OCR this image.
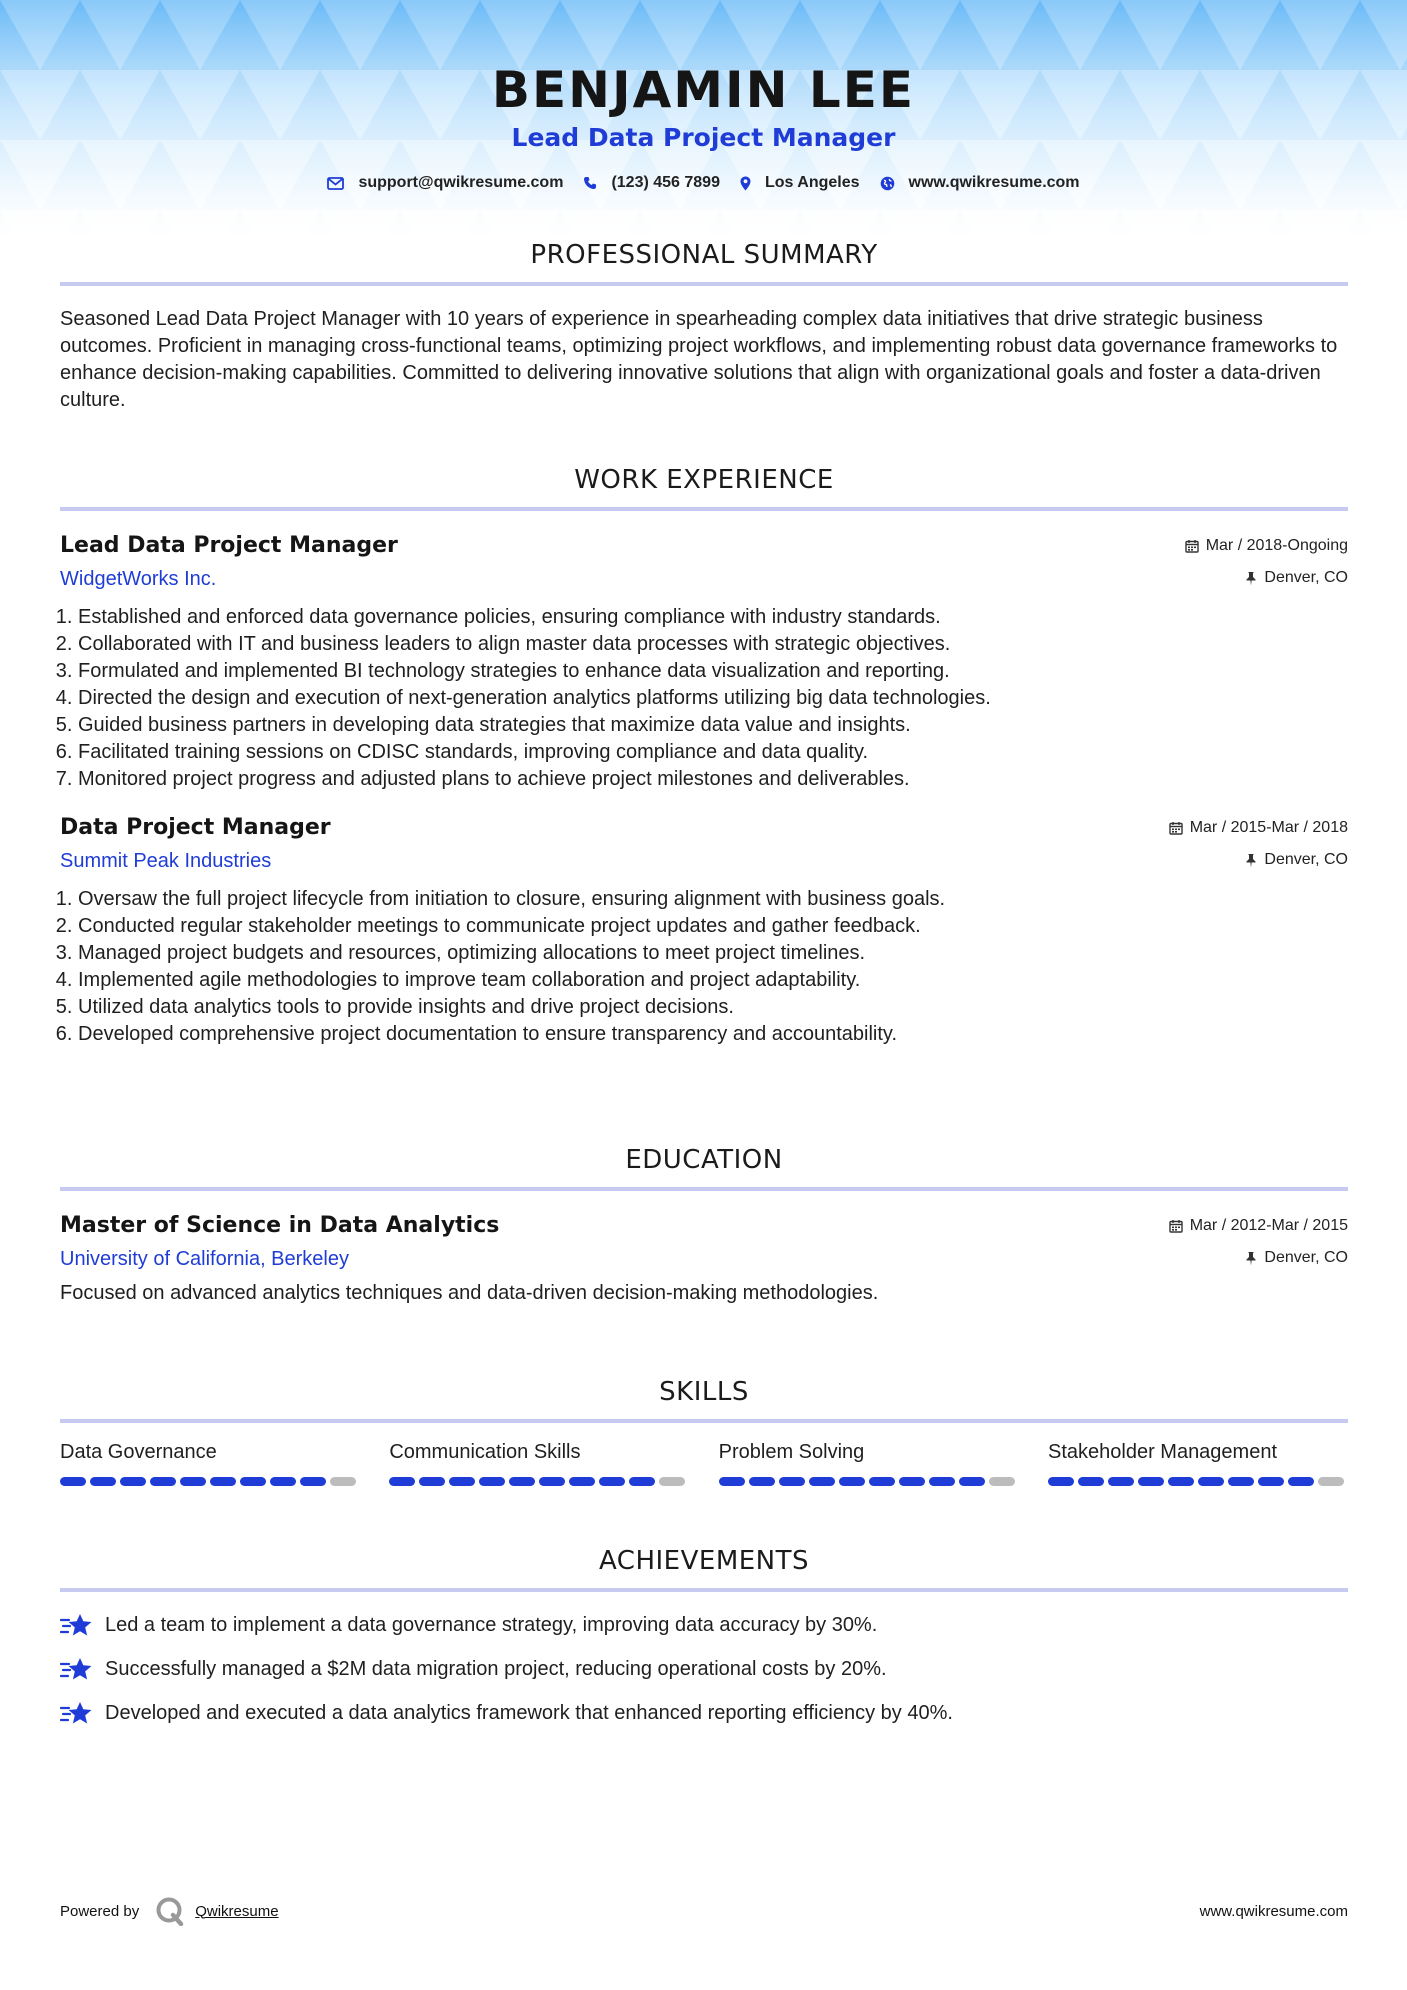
BENJAMIN LEE
Lead Data Project Manager
support@qwikresume.com	(123) 456 7899	Los Angeles	www.qwikresume.com
PROFESSIONAL SUMMARY
Seasoned Lead Data Project Manager with 10 years of experience in spearheading complex data initiatives that drive strategic business outcomes. Proficient in managing cross-functional teams, optimizing project workflows, and implementing robust data governance frameworks to enhance decision-making capabilities. Committed to delivering innovative solutions that align with organizational goals and foster a data-driven culture.
WORK EXPERIENCE
Lead Data Project Manager
WidgetWorks Inc.
Mar / 2018-Ongoing
Denver, CO
1. Established and enforced data governance policies, ensuring compliance with industry standards.
2. Collaborated with IT and business leaders to align master data processes with strategic objectives.
3. Formulated and implemented BI technology strategies to enhance data visualization and reporting.
4. Directed the design and execution of next-generation analytics platforms utilizing big data technologies.
5. Guided business partners in developing data strategies that maximize data value and insights.
6. Facilitated training sessions on CDISC standards, improving compliance and data quality.
7. Monitored project progress and adjusted plans to achieve project milestones and deliverables.
Data Project Manager
Summit Peak Industries
Mar / 2015-Mar / 2018
Denver, CO
1. Oversaw the full project lifecycle from initiation to closure, ensuring alignment with business goals.
2. Conducted regular stakeholder meetings to communicate project updates and gather feedback.
3. Managed project budgets and resources, optimizing allocations to meet project timelines.
4. Implemented agile methodologies to improve team collaboration and project adaptability.
5. Utilized data analytics tools to provide insights and drive project decisions.
6. Developed comprehensive project documentation to ensure transparency and accountability.
EDUCATION
Master of Science in Data Analytics
University of California, Berkeley
Mar / 2012-Mar / 2015
Denver, CO
Focused on advanced analytics techniques and data-driven decision-making methodologies.
SKILLS
Data Governance	Communication Skills	Problem Solving	Stakeholder Management
ACHIEVEMENTS
Led a team to implement a data governance strategy, improving data accuracy by 30%.
Successfully managed a $2M data migration project, reducing operational costs by 20%.
Developed and executed a data analytics framework that enhanced reporting efficiency by 40%.
Powered by	Qwikresume	www.qwikresume.com
